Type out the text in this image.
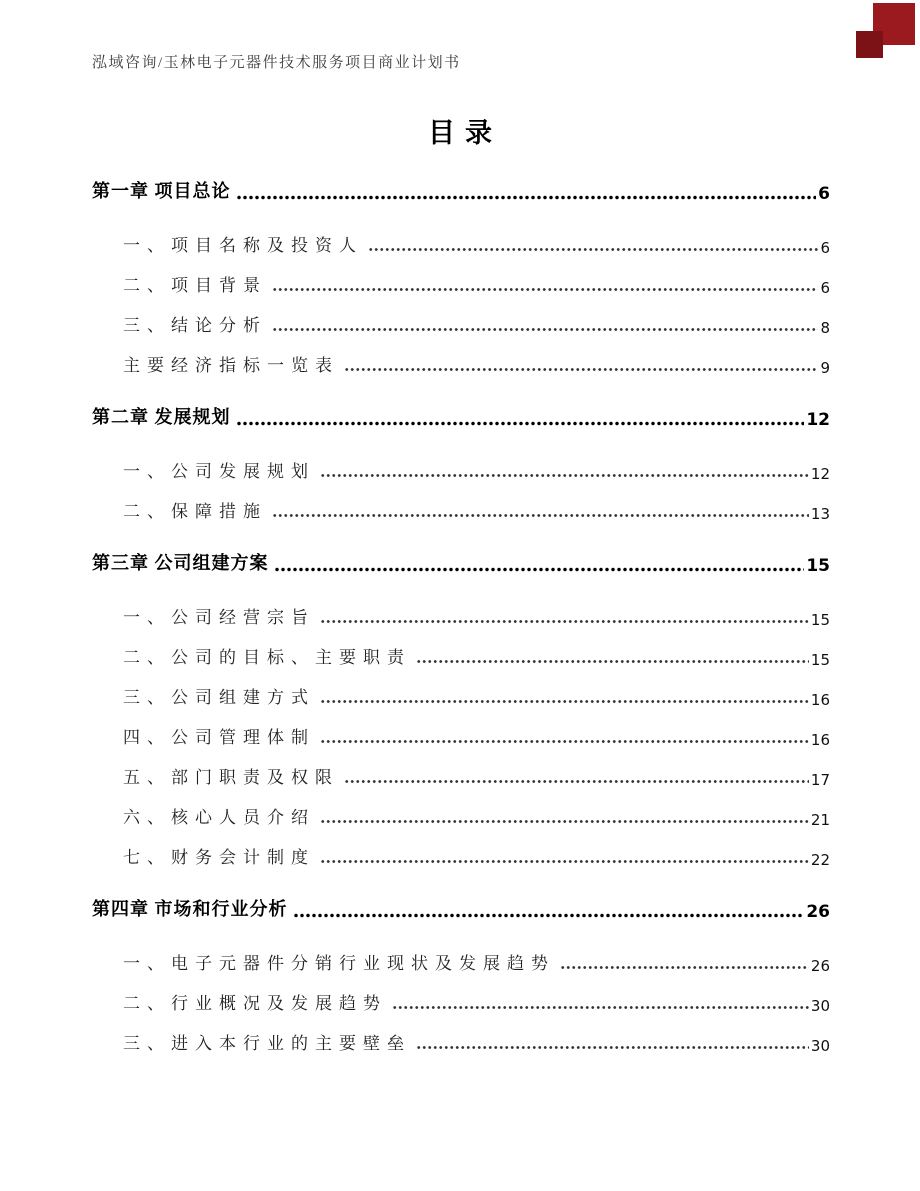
泓域咨询/玉林电子元器件技术服务项目商业计划书
目录
第一章 项目总论	6
一、项目名称及投资人	6
二、项目背景	6
三、结论分析	8
主要经济指标一览表	9
第二章 发展规划	12
一、公司发展规划	12
二、保障措施	13
第三章 公司组建方案	15
一、公司经营宗旨	15
二、公司的目标、主要职责	15
三、公司组建方式	16
四、公司管理体制	16
五、部门职责及权限	17
六、核心人员介绍	21
七、财务会计制度	22
第四章 市场和行业分析	26
一、电子元器件分销行业现状及发展趋势	26
二、行业概况及发展趋势	30
三、进入本行业的主要壁垒	30
